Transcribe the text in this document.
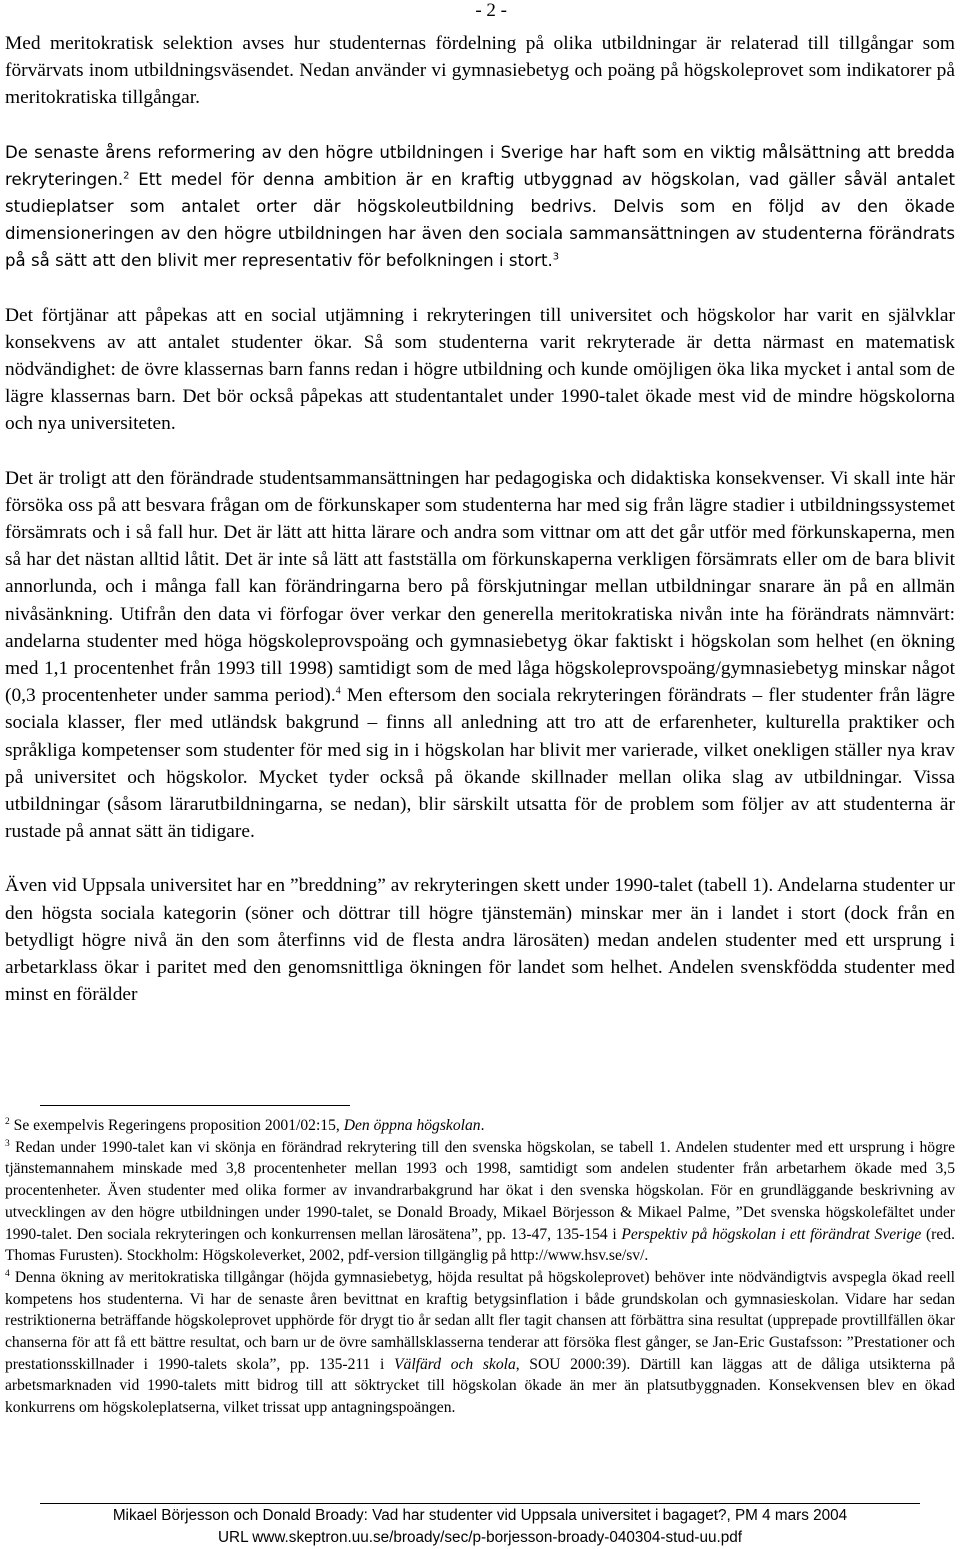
- 2 -

Med meritokratisk selektion avses hur studenternas fördelning på olika utbildningar är relaterad till tillgångar som förvärvats inom utbildningsväsendet. Nedan använder vi gymnasiebetyg och poäng på högskoleprovet som indikatorer på meritokratiska tillgångar.

De senaste årens reformering av den högre utbildningen i Sverige har haft som en viktig målsättning att bredda rekryteringen.$^2$ Ett medel för denna ambition är en kraftig utbyggnad av högskolan, vad gäller såväl antalet studieplatser som antalet orter där högskoleutbildning bedrivs. Delvis som en följd av den ökade dimensioneringen av den högre utbildningen har även den sociala sammansättningen av studenterna förändrats på så sätt att den blivit mer representativ för befolkningen i stort.$^3$

Det förtjänar att påpekas att en social utjämning i rekryteringen till universitet och högskolor har varit en självklar konsekvens av att antalet studenter ökar. Så som studenterna varit rekryterade är detta närmast en matematisk nödvändighet: de övre klassernas barn fanns redan i högre utbildning och kunde omöjligen öka lika mycket i antal som de lägre klassernas barn. Det bör också påpekas att studentantalet under 1990-talet ökade mest vid de mindre högskolorna och nya universiteten.

Det är troligt att den förändrade studentsammansättningen har pedagogiska och didaktiska konsekvenser. Vi skall inte här försöka oss på att besvara frågan om de förkunskaper som studenterna har med sig från lägre stadier i utbildningssystemet försämrats och i så fall hur. Det är lätt att hitta lärare och andra som vittnar om att det går utför med förkunskaperna, men så har det nästan alltid låtit. Det är inte så lätt att fastställa om förkunskaperna verkligen försämrats eller om de bara blivit annorlunda, och i många fall kan förändringarna bero på förskjutningar mellan utbildningar snarare än på en allmän nivåsänkning. Utifrån den data vi förfogar över verkar den generella meritokratiska nivån inte ha förändrats nämnvärt: andelarna studenter med höga högskoleprovspoäng och gymnasiebetyg ökar faktiskt i högskolan som helhet (en ökning med 1,1 procentenhet från 1993 till 1998) samtidigt som de med låga högskoleprovspoäng/gymnasiebetyg minskar något (0,3 procentenheter under samma period).$^4$ Men eftersom den sociala rekryteringen förändrats – fler studenter från lägre sociala klasser, fler med utländsk bakgrund – finns all anledning att tro att de erfarenheter, kulturella praktiker och språkliga kompetenser som studenter för med sig in i högskolan har blivit mer varierade, vilket onekligen ställer nya krav på universitet och högskolor. Mycket tyder också på ökande skillnader mellan olika slag av utbildningar. Vissa utbildningar (såsom lärarutbildningarna, se nedan), blir särskilt utsatta för de problem som följer av att studenterna är rustade på annat sätt än tidigare.

Även vid Uppsala universitet har en ”breddning” av rekryteringen skett under 1990-talet (tabell 1). Andelarna studenter ur den högsta sociala kategorin (söner och döttrar till högre tjänstemän) minskar mer än i landet i stort (dock från en betydligt högre nivå än den som återfinns vid de flesta andra lärosäten) medan andelen studenter med ett ursprung i arbetarklass ökar i paritet med den genomsnittliga ökningen för landet som helhet. Andelen svenskfödda studenter med minst en förälder

$^2$ Se exempelvis Regeringens proposition 2001/02:15, Den öppna högskolan.

$^3$ Redan under 1990-talet kan vi skönja en förändrad rekrytering till den svenska högskolan, se tabell 1. Andelen studenter med ett ursprung i högre tjänstemannahem minskade med 3,8 procentenheter mellan 1993 och 1998, samtidigt som andelen studenter från arbetarhem ökade med 3,5 procentenheter. Även studenter med olika former av invandrarbakgrund har ökat i den svenska högskolan. För en grundläggande beskrivning av utvecklingen av den högre utbildningen under 1990-talet, se Donald Broady, Mikael Börjesson & Mikael Palme, ”Det svenska högskolefältet under 1990-talet. Den sociala rekryteringen och konkurrensen mellan lärosätena”, pp. 13-47, 135-154 i Perspektiv på högskolan i ett förändrat Sverige (red. Thomas Furusten). Stockholm: Högskoleverket, 2002, pdf-version tillgänglig på http://www.hsv.se/sv/.

$^4$ Denna ökning av meritokratiska tillgångar (höjda gymnasiebetyg, höjda resultat på högskoleprovet) behöver inte nödvändigtvis avspegla ökad reell kompetens hos studenterna. Vi har de senaste åren bevittnat en kraftig betygsinflation i både grundskolan och gymnasieskolan. Vidare har sedan restriktionerna beträffande högskoleprovet upphörde för drygt tio år sedan allt fler tagit chansen att förbättra sina resultat (upprepade provtillfällen ökar chanserna för att få ett bättre resultat, och barn ur de övre samhällsklasserna tenderar att försöka flest gånger, se Jan-Eric Gustafsson: ”Prestationer och prestationsskillnader i 1990-talets skola”, pp. 135-211 i Välfärd och skola, SOU 2000:39). Därtill kan läggas att de dåliga utsikterna på arbetsmarknaden vid 1990-talets mitt bidrog till att söktrycket till högskolan ökade än mer än platsutbyggnaden. Konsekvensen blev en ökad konkurrens om högskoleplatserna, vilket trissat upp antagningspoängen.

Mikael Börjesson och Donald Broady: Vad har studenter vid Uppsala universitet i bagaget?, PM 4 mars 2004
URL www.skeptron.uu.se/broady/sec/p-borjesson-broady-040304-stud-uu.pdf
